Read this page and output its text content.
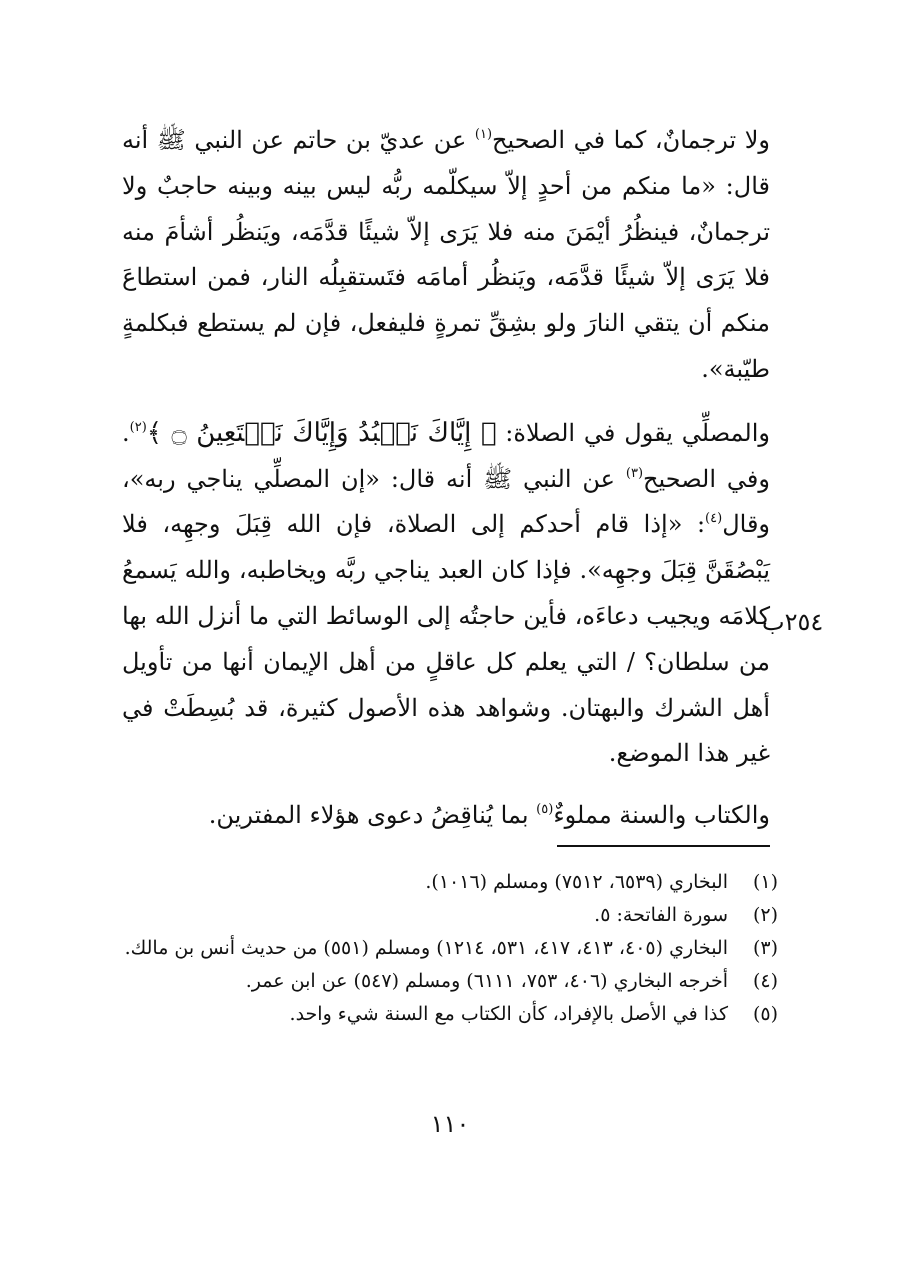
ولا ترجمانٌ، كما في الصحيح$^{(١)}$ عن عديّ بن حاتم عن النبي ﷺ أنه قال: «ما منكم من أحدٍ إلاّ سيكلّمه ربُّه ليس بينه وبينه حاجبٌ ولا ترجمانٌ، فينظُرُ أيْمَنَ منه فلا يَرَى إلاّ شيئًا قدَّمَه، ويَنظُر أشأمَ منه فلا يَرَى إلاّ شيئًا قدَّمَه، ويَنظُر أمامَه فتَستقبِلُه النار، فمن استطاعَ منكم أن يتقي النارَ ولو بشِقِّ تمرةٍ فليفعل، فإن لم يستطع فبكلمةٍ طيّبة».

والمصلِّي يقول في الصلاة: ﴿ إِيَّاكَ نَعۡبُدُ وَإِيَّاكَ نَسۡتَعِينُ ۝ ﴾$^{(٢)}$. وفي الصحيح$^{(٣)}$ عن النبي ﷺ أنه قال: «إن المصلِّي يناجي ربه»، وقال$^{(٤)}$: «إذا قام أحدكم إلى الصلاة، فإن الله قِبَلَ وجهِه، فلا يَبْصُقَنَّ قِبَلَ وجهِه». فإذا كان العبد يناجي ربَّه ويخاطبه، والله يَسمعُ كلامَه ويجيب دعاءَه، فأين حاجتُه إلى الوسائط التي ما أنزل الله بها من سلطان؟ / التي يعلم كل عاقلٍ من أهل الإيمان أنها من تأويل أهل الشرك والبهتان. وشواهد هذه الأصول كثيرة، قد بُسِطَتْ في غير هذا الموضع.

والكتاب والسنة مملوءٌ$^{(٥)}$ بما يُناقِضُ دعوى هؤلاء المفترين.

٢٥٤ب

(١)
البخاري (٦٥٣٩، ٧٥١٢) ومسلم (١٠١٦).

(٢)
سورة الفاتحة: ٥.

(٣)
البخاري (٤٠٥، ٤١٣، ٤١٧، ٥٣١، ١٢١٤) ومسلم (٥٥١) من حديث أنس بن مالك.

(٤)
أخرجه البخاري (٤٠٦، ٧٥٣، ٦١١١) ومسلم (٥٤٧) عن ابن عمر.

(٥)
كذا في الأصل بالإفراد، كأن الكتاب مع السنة شيء واحد.

١١٠
